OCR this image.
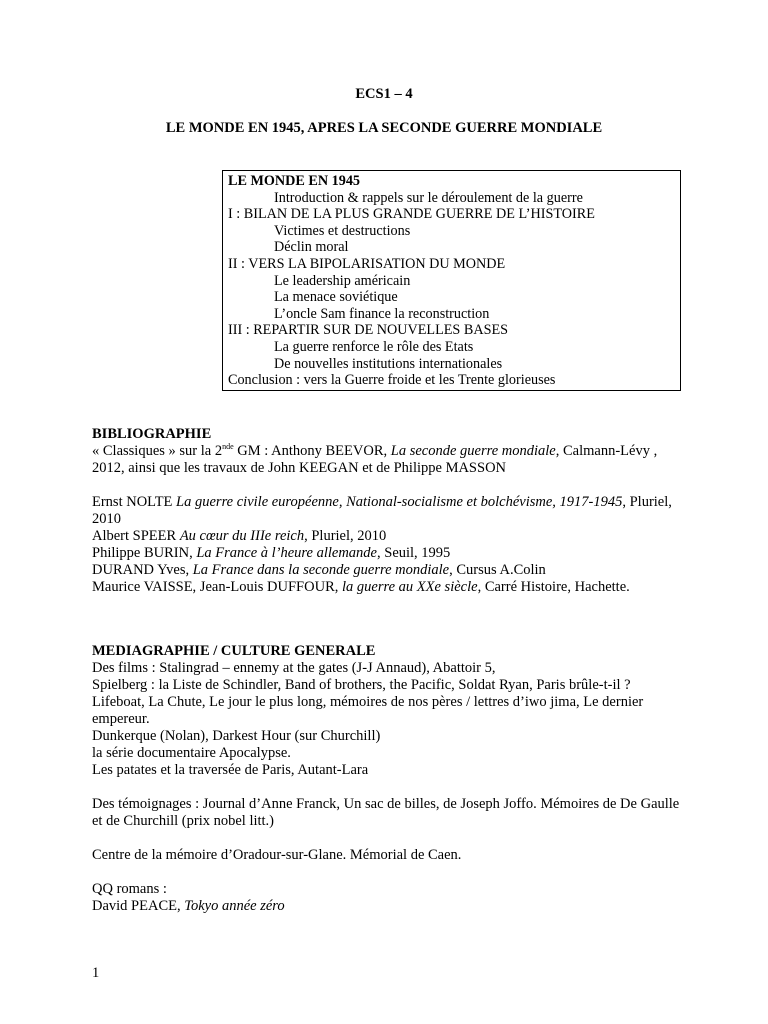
ECS1 – 4
LE MONDE EN 1945, APRES LA SECONDE GUERRE MONDIALE
LE MONDE EN 1945
Introduction & rappels sur le déroulement de la guerre
I : BILAN DE LA PLUS GRANDE GUERRE DE L’HISTOIRE
Victimes et destructions
Déclin moral
II : VERS LA BIPOLARISATION DU MONDE
Le leadership américain
La menace soviétique
L’oncle Sam finance la reconstruction
III : REPARTIR SUR DE NOUVELLES BASES
La guerre renforce le rôle des Etats
De nouvelles institutions internationales
Conclusion : vers la Guerre froide et les Trente glorieuses
BIBLIOGRAPHIE

« Classiques » sur la 2nde GM : Anthony BEEVOR, La seconde guerre mondiale, Calmann-Lévy , 2012, ainsi que les travaux de John KEEGAN et de Philippe MASSON

Ernst NOLTE La guerre civile européenne, National-socialisme et bolchévisme, 1917-1945, Pluriel, 2010

Albert SPEER Au cœur du IIIe reich, Pluriel, 2010

Philippe BURIN, La France à l’heure allemande, Seuil, 1995

DURAND Yves, La France dans la seconde guerre mondiale, Cursus A.Colin

Maurice VAISSE, Jean-Louis DUFFOUR, la guerre au XXe siècle, Carré Histoire, Hachette.

MEDIAGRAPHIE / CULTURE GENERALE

Des films : Stalingrad – ennemy at the gates (J-J Annaud), Abattoir 5,

Spielberg : la Liste de Schindler, Band of brothers, the Pacific, Soldat Ryan, Paris brûle-t-il ?

Lifeboat, La Chute, Le jour le plus long, mémoires de nos pères / lettres d’iwo jima, Le dernier empereur.

Dunkerque (Nolan), Darkest Hour (sur Churchill)

la série documentaire Apocalypse.

Les patates et la traversée de Paris, Autant-Lara

Des témoignages : Journal d’Anne Franck, Un sac de billes, de Joseph Joffo. Mémoires de De Gaulle et de Churchill (prix nobel litt.)

Centre de la mémoire d’Oradour-sur-Glane. Mémorial de Caen.

QQ romans :

David PEACE, Tokyo année zéro

1
